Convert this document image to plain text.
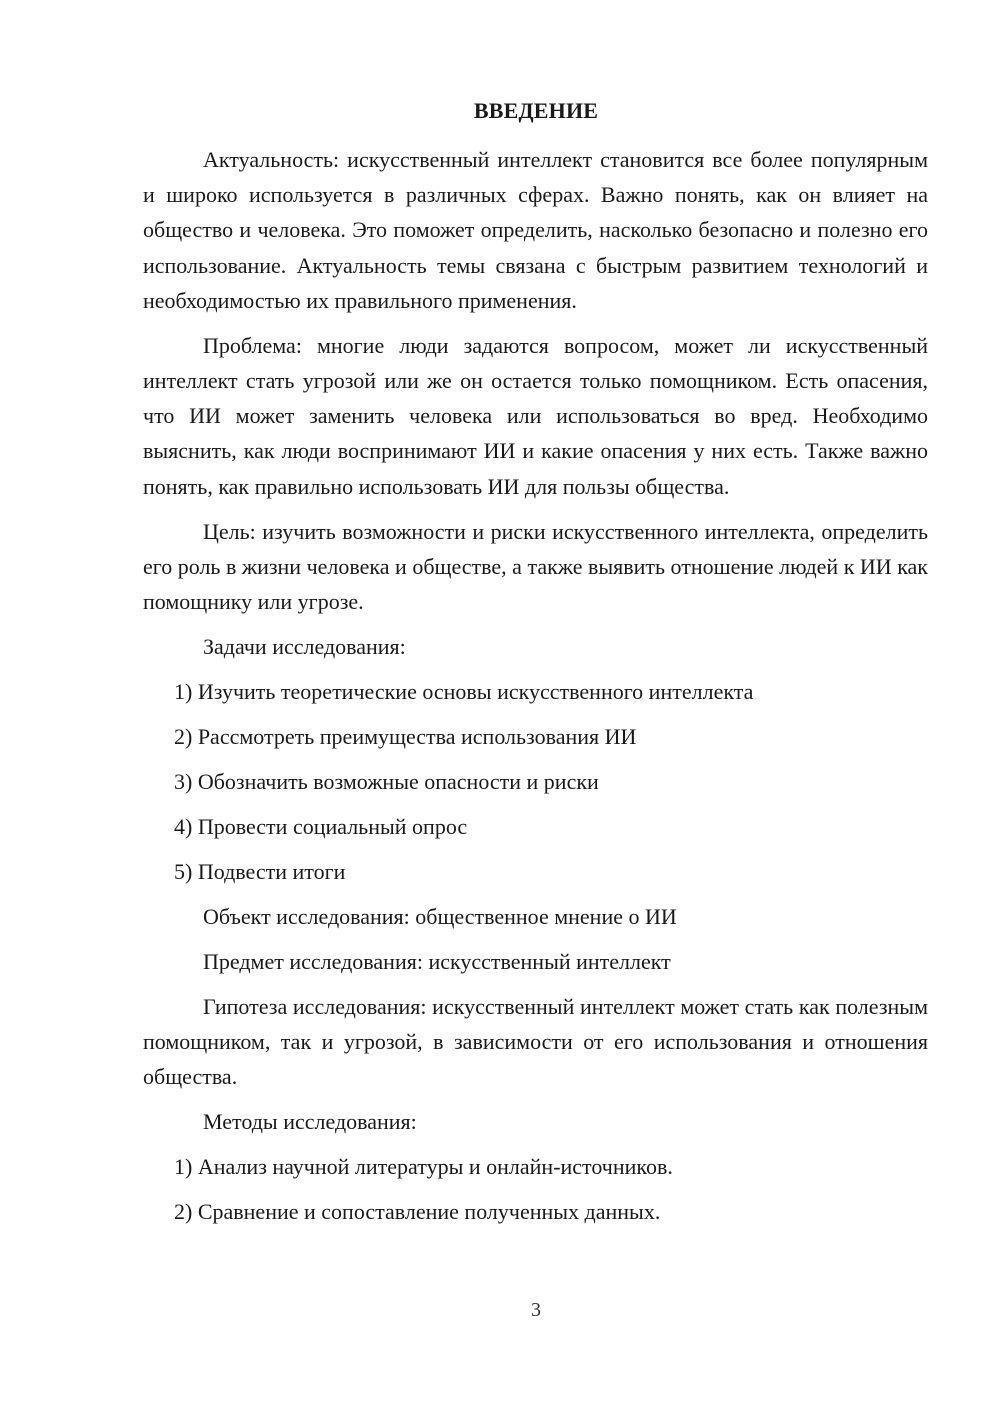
ВВЕДЕНИЕ

Актуальность: искусственный интеллект становится все более популярным и широко используется в различных сферах. Важно понять, как он влияет на общество и человека. Это поможет определить, насколько безопасно и полезно его использование. Актуальность темы связана с быстрым развитием технологий и необходимостью их правильного применения.

Проблема: многие люди задаются вопросом, может ли искусственный интеллект стать угрозой или же он остается только помощником. Есть опасения, что ИИ может заменить человека или использоваться во вред. Необходимо выяснить, как люди воспринимают ИИ и какие опасения у них есть. Также важно понять, как правильно использовать ИИ для пользы общества.

Цель: изучить возможности и риски искусственного интеллекта, определить его роль в жизни человека и обществе, а также выявить отношение людей к ИИ как помощнику или угрозе.

Задачи исследования:

1) Изучить теоретические основы искусственного интеллекта

2) Рассмотреть преимущества использования ИИ

3) Обозначить возможные опасности и риски

4) Провести социальный опрос

5) Подвести итоги

Объект исследования: общественное мнение о ИИ

Предмет исследования: искусственный интеллект

Гипотеза исследования: искусственный интеллект может стать как полезным помощником, так и угрозой, в зависимости от его использования и отношения общества.

Методы исследования:

1) Анализ научной литературы и онлайн-источников.

2) Сравнение и сопоставление полученных данных.

3
